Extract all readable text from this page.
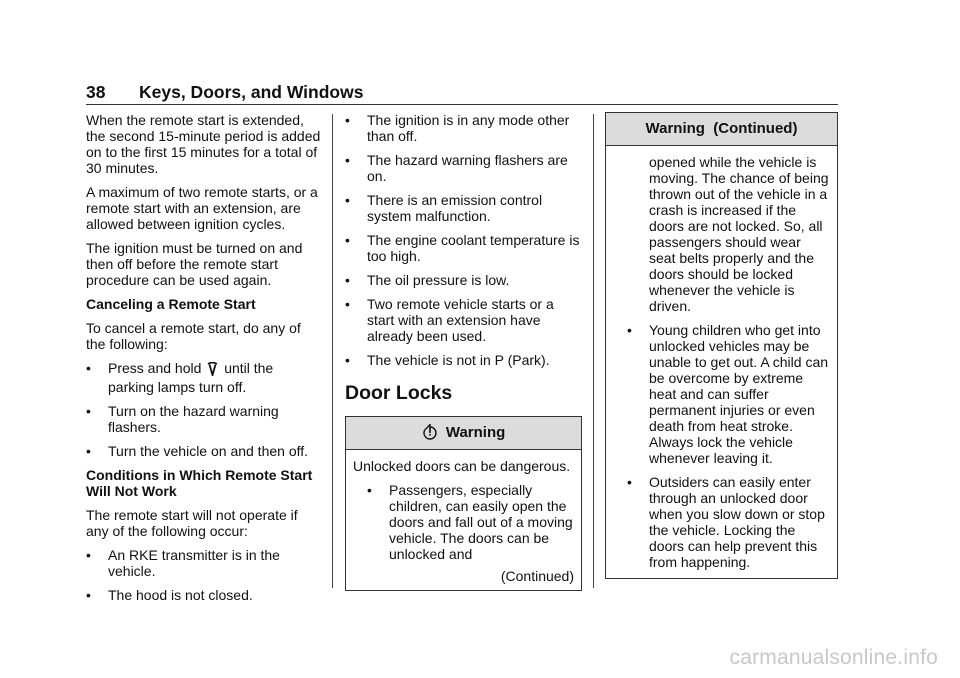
38 Keys, Doors, and Windows

When the remote start is extended, the second 15-minute period is added on to the first 15 minutes for a total of 30 minutes.

A maximum of two remote starts, or a remote start with an extension, are allowed between ignition cycles.

The ignition must be turned on and then off before the remote start procedure can be used again.

Canceling a Remote Start

To cancel a remote start, do any of the following:

• Press and hold until the parking lamps turn off.
• Turn on the hazard warning flashers.
• Turn the vehicle on and then off.

Conditions in Which Remote Start Will Not Work

The remote start will not operate if any of the following occur:

• An RKE transmitter is in the vehicle.
• The hood is not closed.
• The ignition is in any mode other than off.
• The hazard warning flashers are on.
• There is an emission control system malfunction.
• The engine coolant temperature is too high.
• The oil pressure is low.
• Two remote vehicle starts or a start with an extension have already been used.
• The vehicle is not in P (Park).
Door Locks
Warning

Unlocked doors can be dangerous.

• Passengers, especially children, can easily open the doors and fall out of a moving vehicle. The doors can be unlocked and
(Continued)
Warning  (Continued)

opened while the vehicle is moving. The chance of being thrown out of the vehicle in a crash is increased if the doors are not locked. So, all passengers should wear seat belts properly and the doors should be locked whenever the vehicle is driven.

• Young children who get into unlocked vehicles may be unable to get out. A child can be overcome by extreme heat and can suffer permanent injuries or even death from heat stroke. Always lock the vehicle whenever leaving it.
• Outsiders can easily enter through an unlocked door when you slow down or stop the vehicle. Locking the doors can help prevent this from happening.
carmanualsonline.info
